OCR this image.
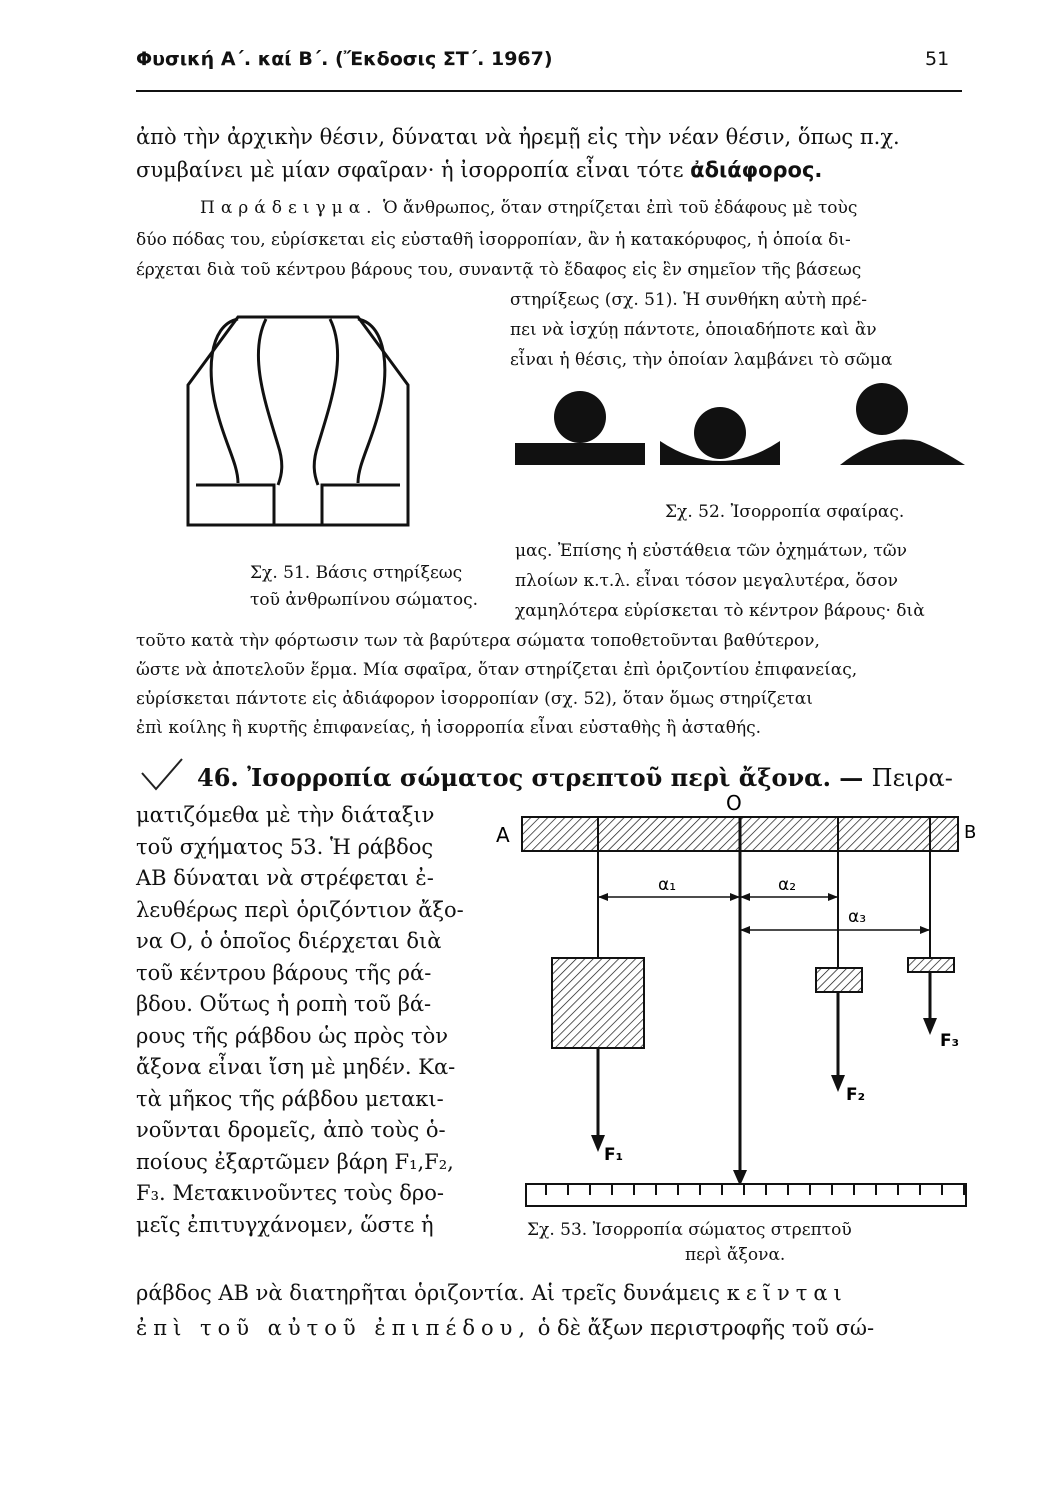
Φυσική Α΄. καί Β΄. (Ἔκδοσις ΣΤ΄. 1967)	51
ἀπὸ τὴν ἀρχικὴν θέσιν, δύναται νὰ ἠρεμῇ εἰς τὴν νέαν θέσιν, ὅπως π.χ.
συμβαίνει μὲ μίαν σφαῖραν· ἡ ἰσορροπία εἶναι τότε ἀδιάφορος.
Παράδειγμα. Ὁ ἄνθρωπος, ὅταν στηρίζεται ἐπὶ τοῦ ἐδάφους μὲ τοὺς
δύο πόδας του, εὑρίσκεται εἰς εὐσταθῆ ἰσορροπίαν, ἂν ἡ κατακόρυφος, ἡ ὁποία δι-
έρχεται διὰ τοῦ κέντρου βάρους του, συναντᾷ τὸ ἔδαφος εἰς ἓν σημεῖον τῆς βάσεως
στηρίξεως (σχ. 51). Ἡ συνθήκη αὐτὴ πρέ-
πει νὰ ἰσχύῃ πάντοτε, ὁποιαδήποτε καὶ ἂν
εἶναι ἡ θέσις, τὴν ὁποίαν λαμβάνει τὸ σῶμα
Σχ. 51. Βάσις στηρίξεως
τοῦ ἀνθρωπίνου σώματος.
Σχ. 52. Ἰσορροπία σφαίρας.
μας. Ἐπίσης ἡ εὐστάθεια τῶν ὀχημάτων, τῶν
πλοίων κ.τ.λ. εἶναι τόσον μεγαλυτέρα, ὅσον
χαμηλότερα εὑρίσκεται τὸ κέντρον βάρους· διὰ
τοῦτο κατὰ τὴν φόρτωσιν των τὰ βαρύτερα σώματα τοποθετοῦνται βαθύτερον,
ὥστε νὰ ἀποτελοῦν ἕρμα. Μία σφαῖρα, ὅταν στηρίζεται ἐπὶ ὁριζοντίου ἐπιφανείας,
εὑρίσκεται πάντοτε εἰς ἀδιάφορον ἰσορροπίαν (σχ. 52), ὅταν ὅμως στηρίζεται
ἐπὶ κοίλης ἢ κυρτῆς ἐπιφανείας, ἡ ἰσορροπία εἶναι εὐσταθὴς ἢ ἀσταθής.
46. Ἰσορροπία σώματος στρεπτοῦ περὶ ἄξονα. — Πειρα-
ματιζόμεθα μὲ τὴν διάταξιν
τοῦ σχήματος 53. Ἡ ράβδος
ΑΒ δύναται νὰ στρέφεται ἐ-
λευθέρως περὶ ὁριζόντιον ἄξο-
να Ο, ὁ ὁποῖος διέρχεται διὰ
τοῦ κέντρου βάρους τῆς ρά-
βδου. Οὕτως ἡ ροπὴ τοῦ βά-
ρους τῆς ράβδου ὡς πρὸς τὸν
ἄξονα εἶναι ἴση μὲ μηδέν. Κα-
τὰ μῆκος τῆς ράβδου μετακι-
νοῦνται δρομεῖς, ἀπὸ τοὺς ὁ-
ποίους ἐξαρτῶμεν βάρη F₁,F₂,
F₃. Μετακινοῦντες τοὺς δρο-
μεῖς ἐπιτυγχάνομεν, ὥστε ἡ
A	B
O
α₁	α₂
α₃
F₁
F₂
F₃
Σχ. 53. Ἰσορροπία σώματος στρεπτοῦ
περὶ ἄξονα.
ράβδος ΑΒ νὰ διατηρῆται ὁριζοντία. Αἱ τρεῖς δυνάμεις κεῖνται
ἐπὶ τοῦ αὐτοῦ ἐπιπέδου, ὁ δὲ ἄξων περιστροφῆς τοῦ σώ-
